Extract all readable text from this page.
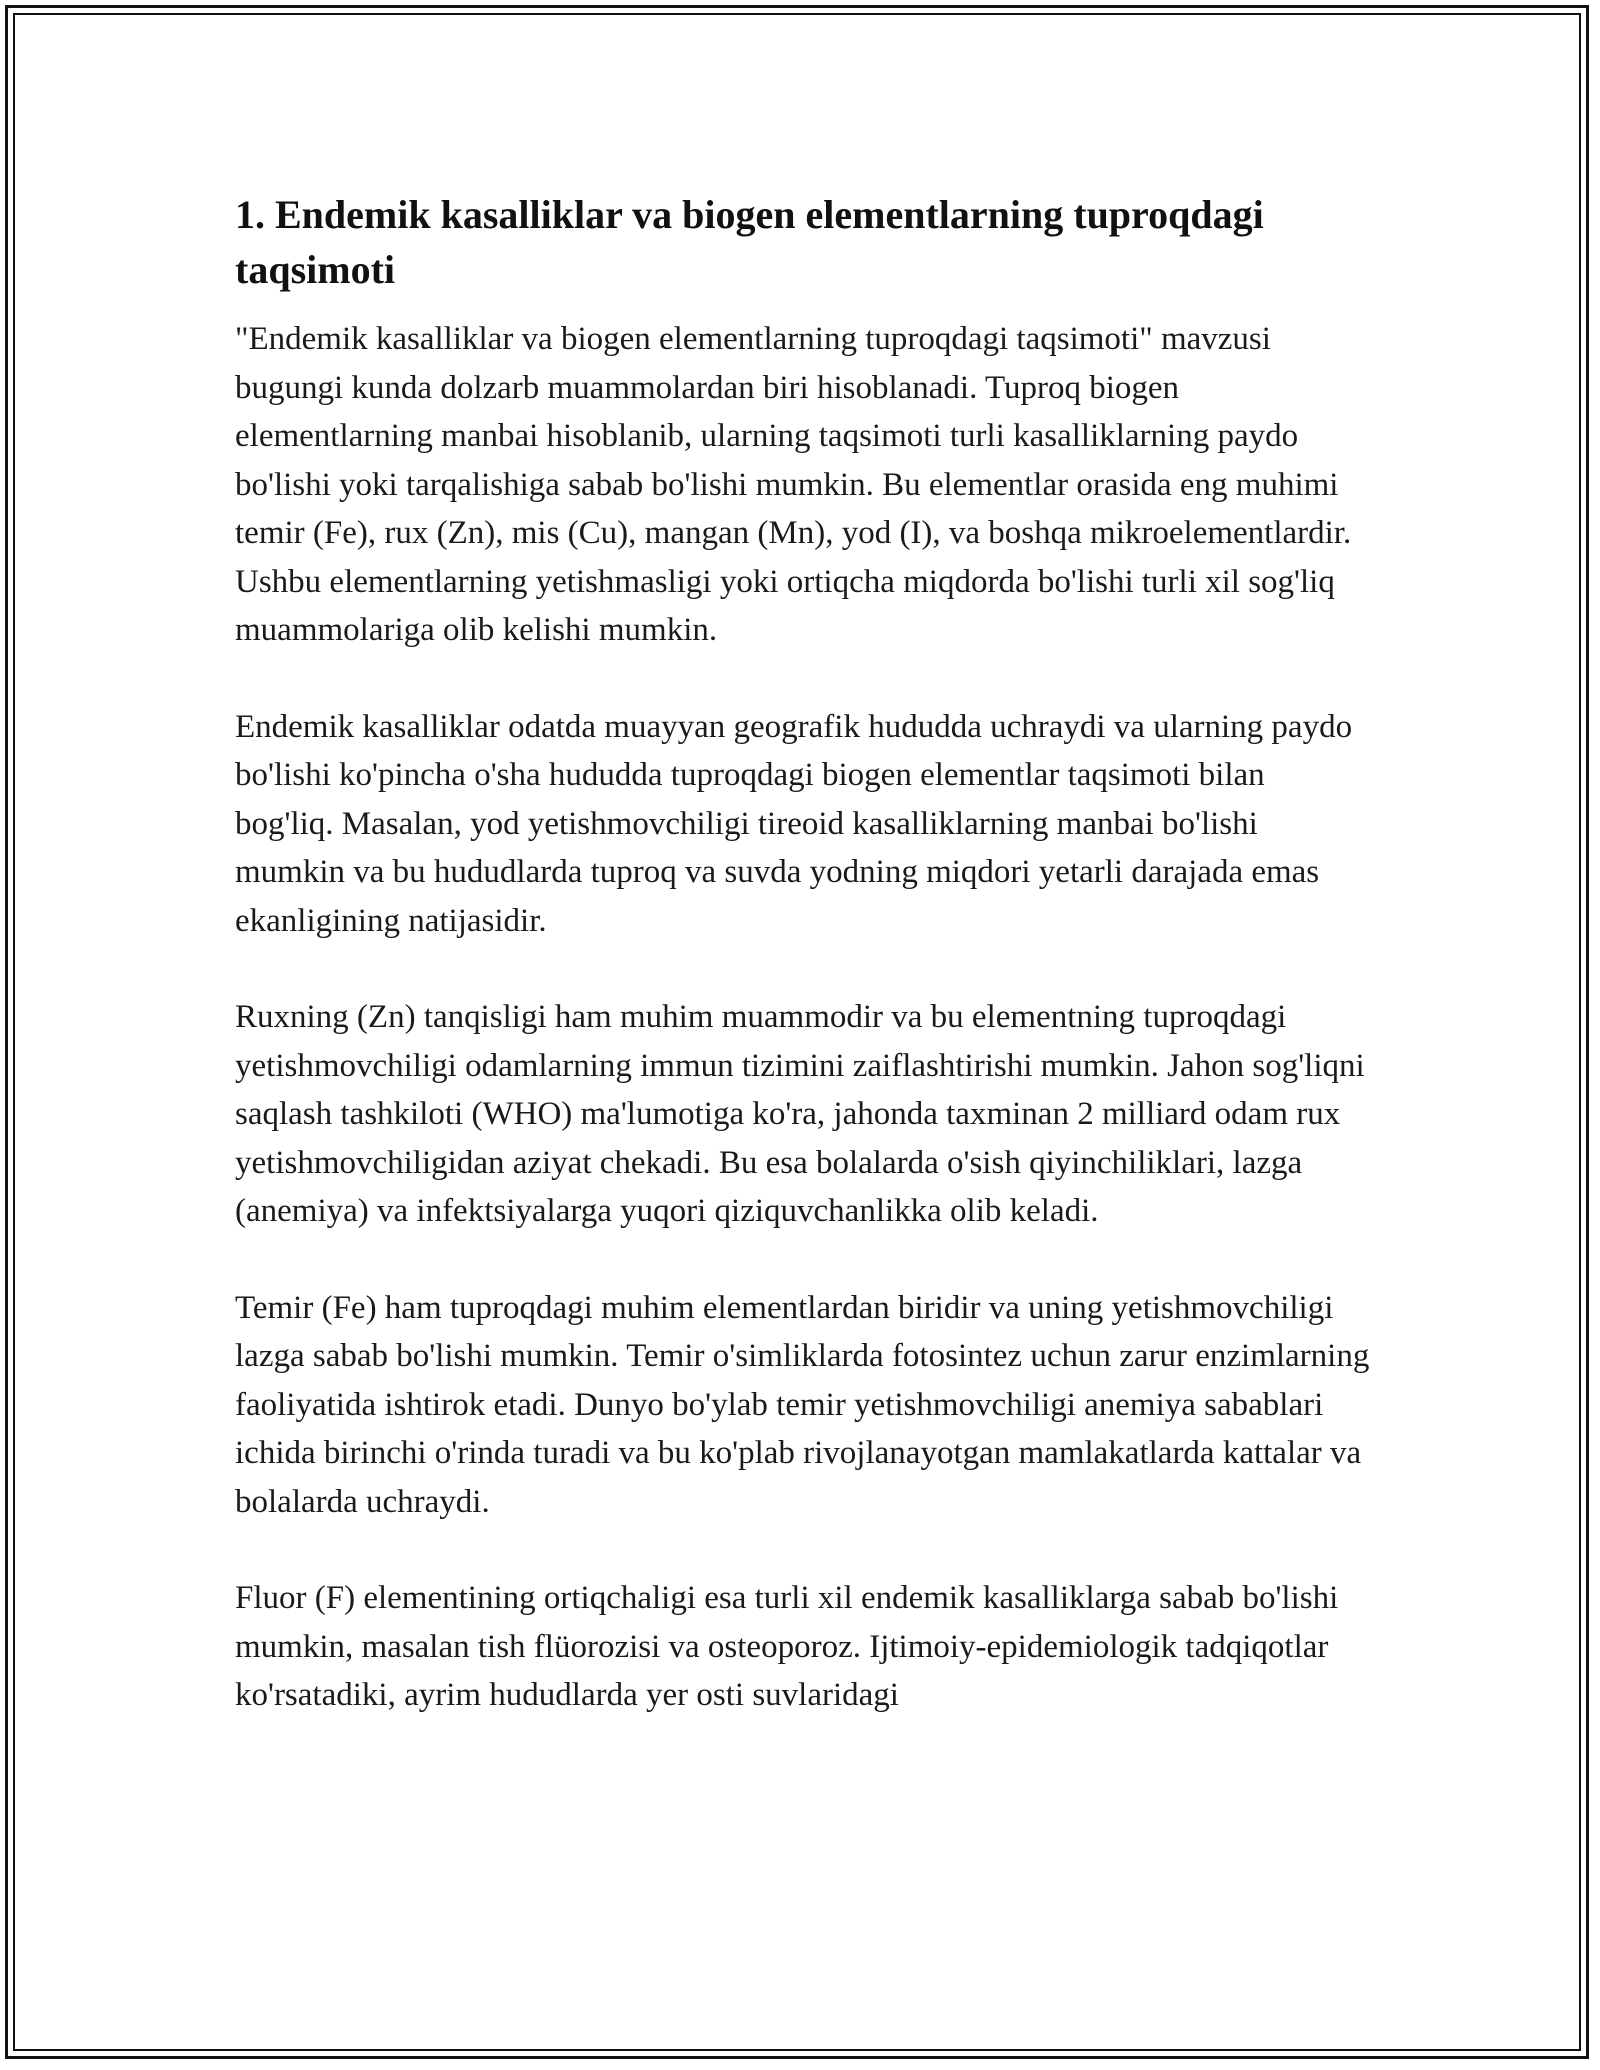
1. Endemik kasalliklar va biogen elementlarning tuproqdagi taqsimoti

"Endemik kasalliklar va biogen elementlarning tuproqdagi taqsimoti" mavzusi bugungi kunda dolzarb muammolardan biri hisoblanadi. Tuproq biogen elementlarning manbai hisoblanib, ularning taqsimoti turli kasalliklarning paydo bo'lishi yoki tarqalishiga sabab bo'lishi mumkin. Bu elementlar orasida eng muhimi temir (Fe), rux (Zn), mis (Cu), mangan (Mn), yod (I), va boshqa mikroelementlardir. Ushbu elementlarning yetishmasligi yoki ortiqcha miqdorda bo'lishi turli xil sog'liq muammolariga olib kelishi mumkin.

Endemik kasalliklar odatda muayyan geografik hududda uchraydi va ularning paydo bo'lishi ko'pincha o'sha hududda tuproqdagi biogen elementlar taqsimoti bilan bog'liq. Masalan, yod yetishmovchiligi tireoid kasalliklarning manbai bo'lishi mumkin va bu hududlarda tuproq va suvda yodning miqdori yetarli darajada emas ekanligining natijasidir.

Ruxning (Zn) tanqisligi ham muhim muammodir va bu elementning tuproqdagi yetishmovchiligi odamlarning immun tizimini zaiflashtirishi mumkin. Jahon sog'liqni saqlash tashkiloti (WHO) ma'lumotiga ko'ra, jahonda taxminan 2 milliard odam rux yetishmovchiligidan aziyat chekadi. Bu esa bolalarda o'sish qiyinchiliklari, lazga (anemiya) va infektsiyalarga yuqori qiziquvchanlikka olib keladi.

Temir (Fe) ham tuproqdagi muhim elementlardan biridir va uning yetishmovchiligi lazga sabab bo'lishi mumkin. Temir o'simliklarda fotosintez uchun zarur enzimlarning faoliyatida ishtirok etadi. Dunyo bo'ylab temir yetishmovchiligi anemiya sabablari ichida birinchi o'rinda turadi va bu ko'plab rivojlanayotgan mamlakatlarda kattalar va bolalarda uchraydi.

Fluor (F) elementining ortiqchaligi esa turli xil endemik kasalliklarga sabab bo'lishi mumkin, masalan tish flüorozisi va osteoporoz. Ijtimoiy-epidemiologik tadqiqotlar ko'rsatadiki, ayrim hududlarda yer osti suvlaridagi
